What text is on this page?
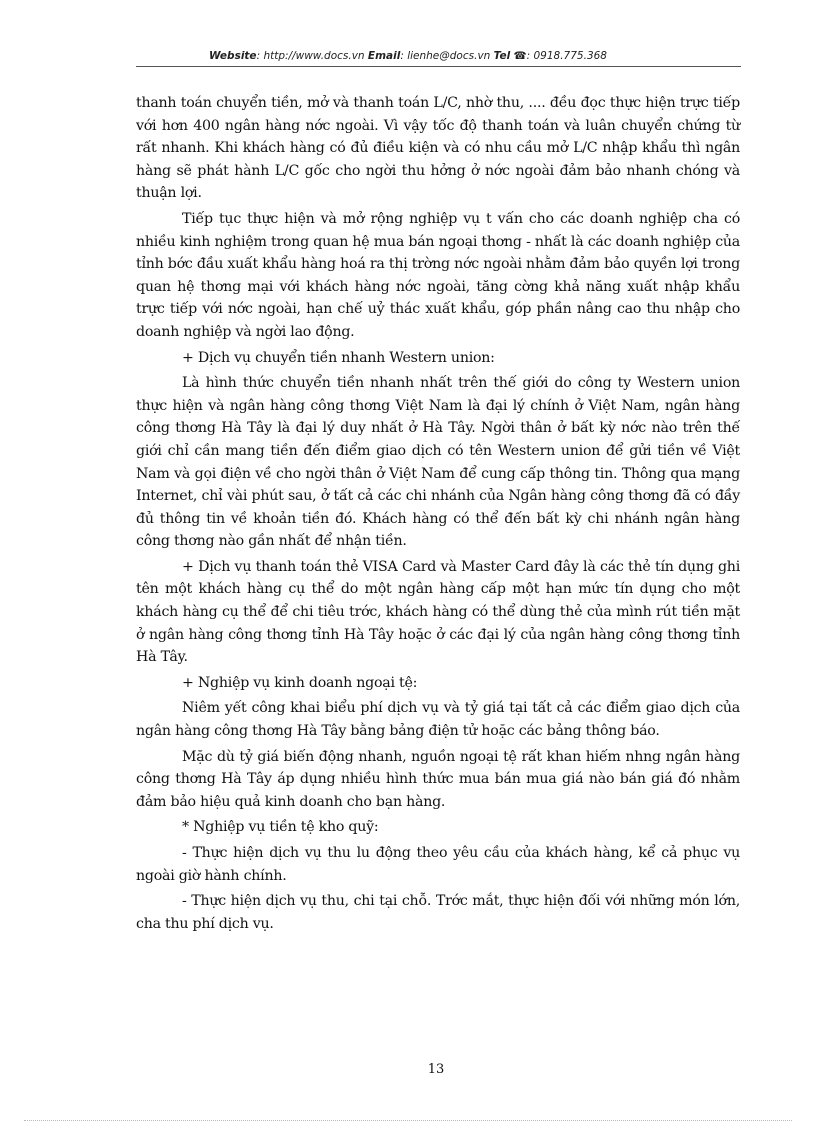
Website: http://www.docs.vn Email: lienhe@docs.vn Tel ☎: 0918.775.368

thanh toán chuyển tiền, mở và thanh toán L/C, nhờ thu, .... đều đọc thực hiện trực tiếp với hơn 400 ngân hàng nớc ngoài. Vì vậy tốc độ thanh toán và luân chuyển chứng từ rất nhanh. Khi khách hàng có đủ điều kiện và có nhu cầu mở L/C nhập khẩu thì ngân hàng sẽ phát hành L/C gốc cho ngời thu hởng ở nớc ngoài đảm bảo nhanh chóng và thuận lợi.

Tiếp tục thực hiện và mở rộng nghiệp vụ t vấn cho các doanh nghiệp cha có nhiều kinh nghiệm trong quan hệ mua bán ngoại thơng - nhất là các doanh nghiệp của tỉnh bớc đầu xuất khẩu hàng hoá ra thị trờng nớc ngoài nhằm đảm bảo quyền lợi trong quan hệ thơng mại với khách hàng nớc ngoài, tăng cờng khả năng xuất nhập khẩu trực tiếp với nớc ngoài, hạn chế uỷ thác xuất khẩu, góp phần nâng cao thu nhập cho doanh nghiệp và ngời lao động.

+ Dịch vụ chuyển tiền nhanh Western union:

Là hình thức chuyển tiền nhanh nhất trên thế giới do công ty Western union thực hiện và ngân hàng công thơng Việt Nam là đại lý chính ở Việt Nam, ngân hàng công thơng Hà Tây là đại lý duy nhất ở Hà Tây. Ngời thân ở bất kỳ nớc nào trên thế giới chỉ cần mang tiền đến điểm giao dịch có tên Western union để gửi tiền về Việt Nam và gọi điện về cho ngời thân ở Việt Nam để cung cấp thông tin. Thông qua mạng Internet, chỉ vài phút sau, ở tất cả các chi nhánh của Ngân hàng công thơng đã có đầy đủ thông tin về khoản tiền đó. Khách hàng có thể đến bất kỳ chi nhánh ngân hàng công thơng nào gần nhất để nhận tiền.

+ Dịch vụ thanh toán thẻ VISA Card và Master Card đây là các thẻ tín dụng ghi tên một khách hàng cụ thể do một ngân hàng cấp một hạn mức tín dụng cho một khách hàng cụ thể để chi tiêu trớc, khách hàng có thể dùng thẻ của mình rút tiền mặt ở ngân hàng công thơng tỉnh Hà Tây hoặc ở các đại lý của ngân hàng công thơng tỉnh Hà Tây.

+ Nghiệp vụ kinh doanh ngoại tệ:

Niêm yết công khai biểu phí dịch vụ và tỷ giá tại tất cả các điểm giao dịch của ngân hàng công thơng Hà Tây bằng bảng điện tử hoặc các bảng thông báo.

Mặc dù tỷ giá biến động nhanh, nguồn ngoại tệ rất khan hiếm nhng ngân hàng công thơng Hà Tây áp dụng nhiều hình thức mua bán mua giá nào bán giá đó nhằm đảm bảo hiệu quả kinh doanh cho bạn hàng.

* Nghiệp vụ tiền tệ kho quỹ:

- Thực hiện dịch vụ thu lu động theo yêu cầu của khách hàng, kể cả phục vụ ngoài giờ hành chính.

- Thực hiện dịch vụ thu, chi tại chỗ. Trớc mắt, thực hiện đối với những món lớn, cha thu phí dịch vụ.

13
